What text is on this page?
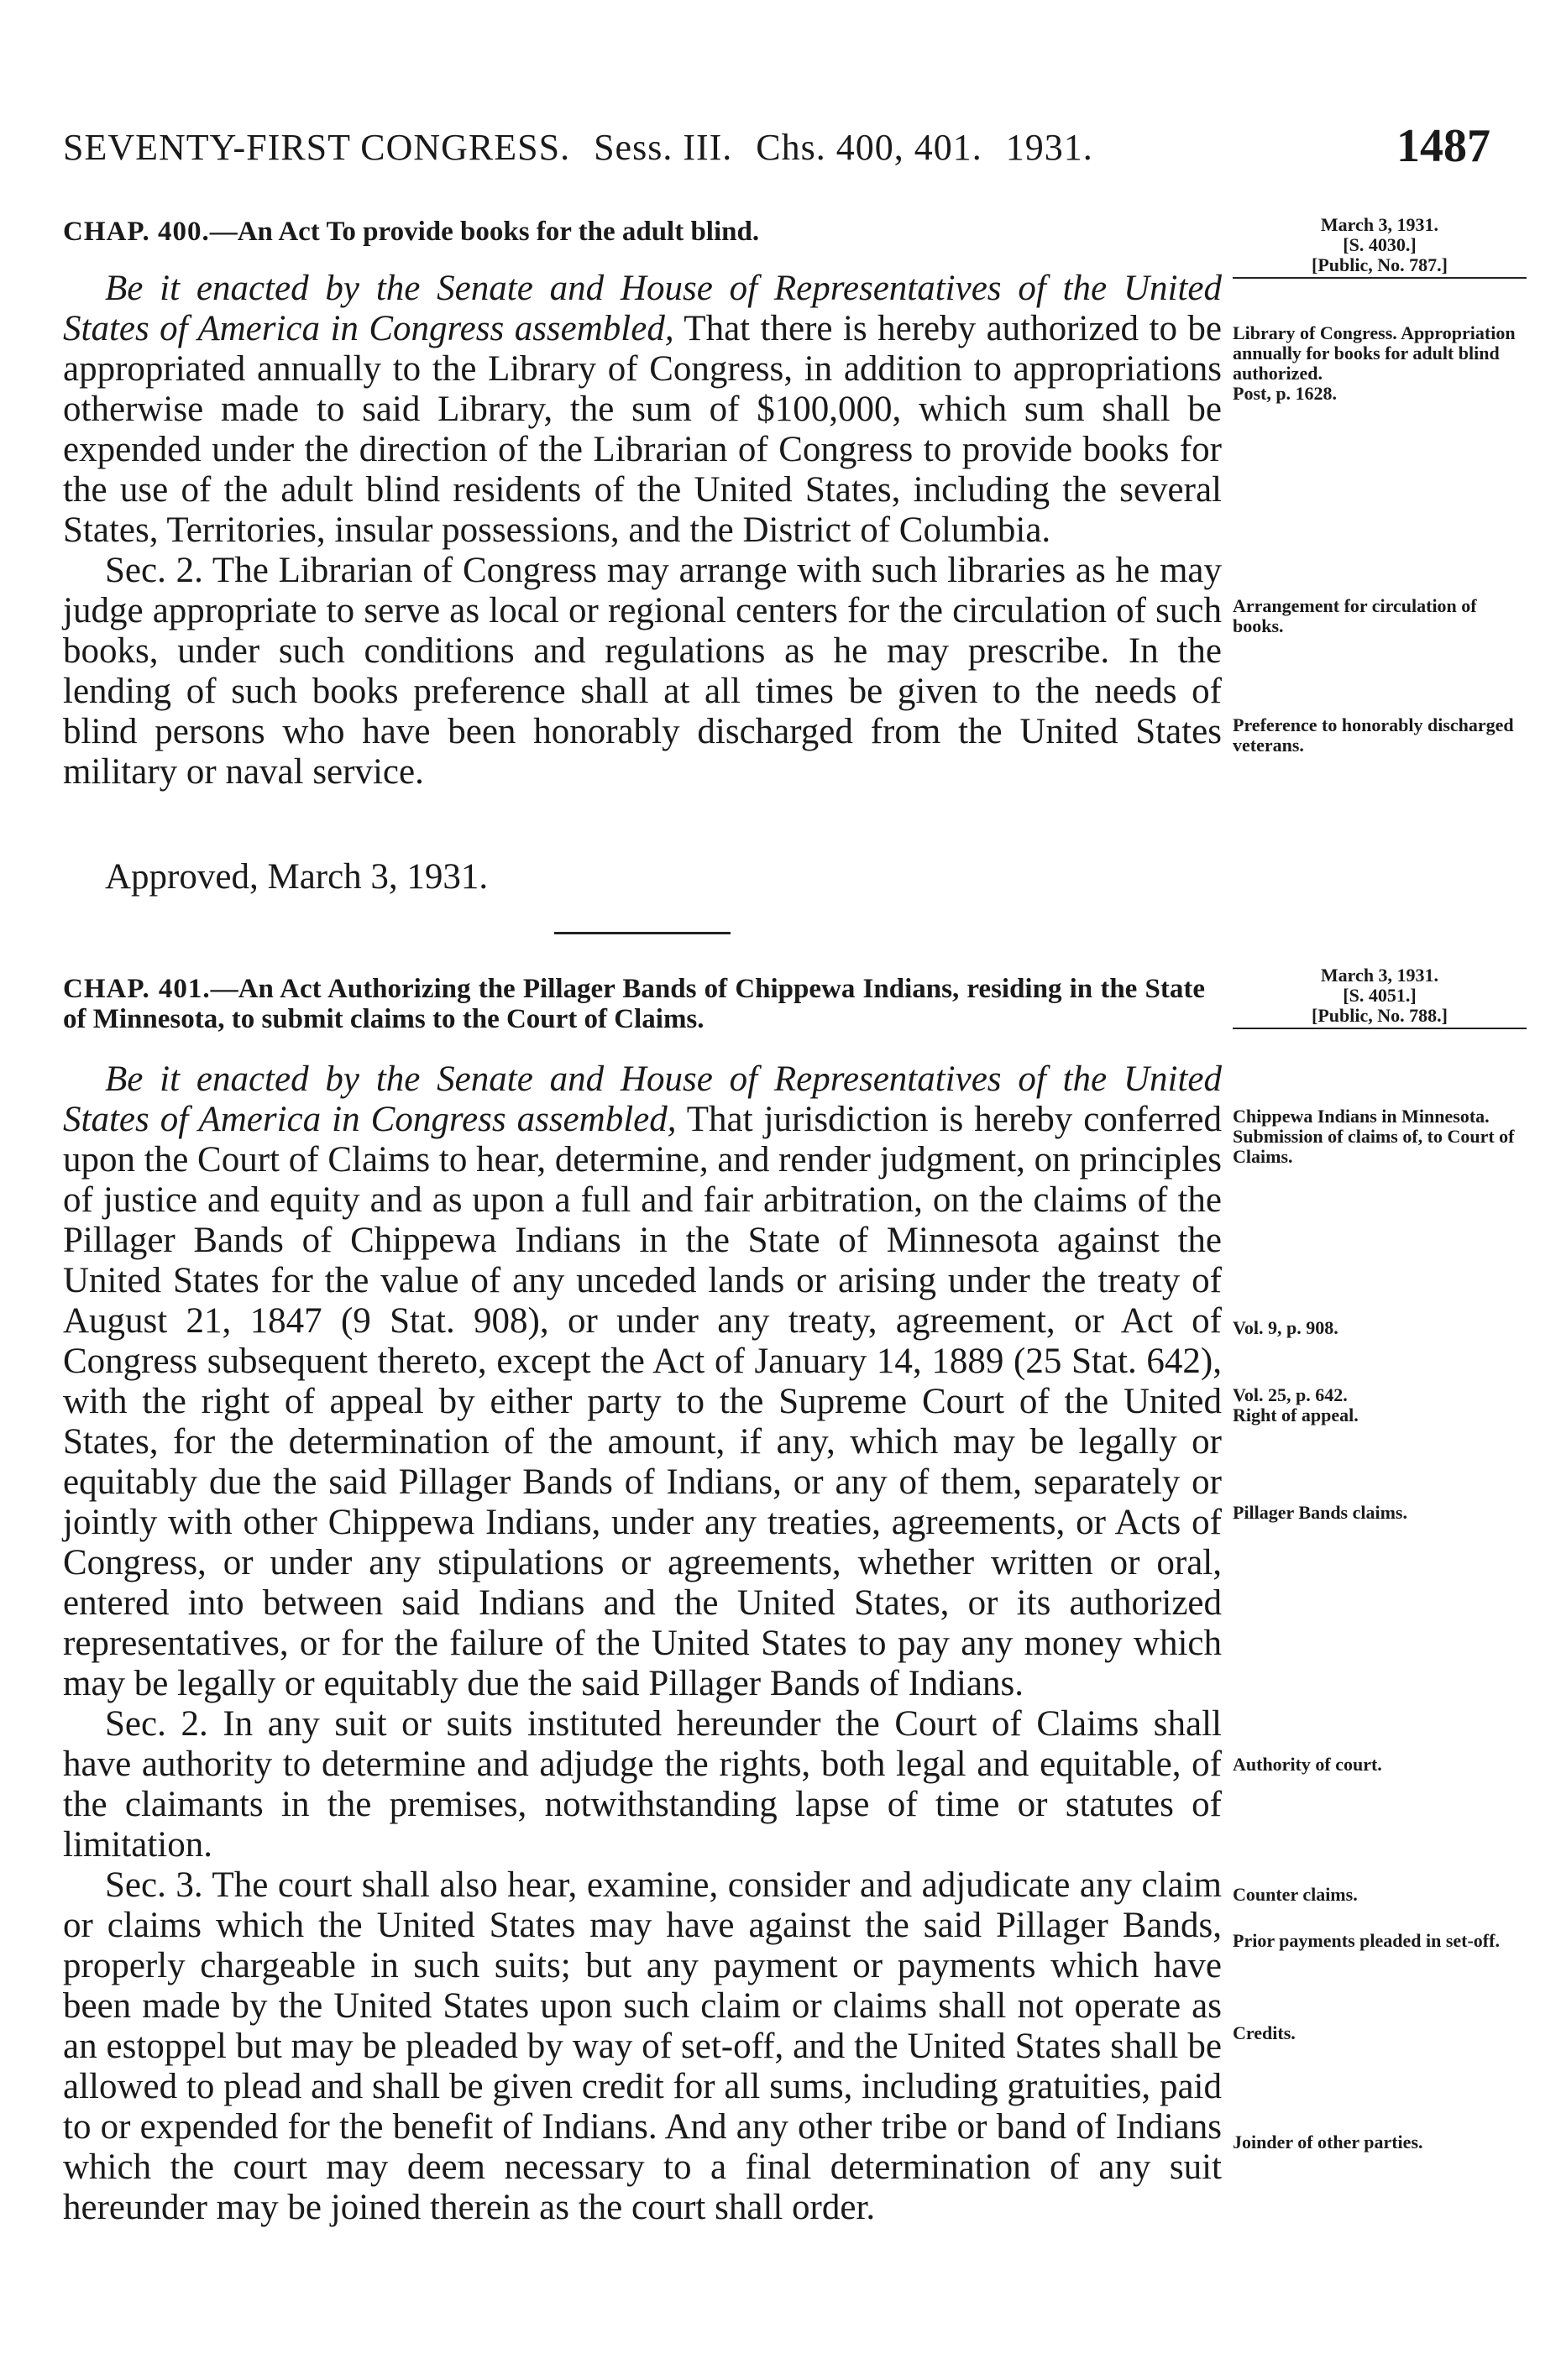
SEVENTY-FIRST CONGRESS. Sess. III. Chs. 400, 401. 1931.	1487
CHAP. 400.—An Act To provide books for the adult blind.	March 3, 1931.
[S. 4030.]
[Public, No. 787.]

Be it enacted by the Senate and House of Representatives of the United States of America in Congress assembled, That there is hereby authorized to be appropriated annually to the Library of Congress, in addition to appropriations otherwise made to said Library, the sum of $100,000, which sum shall be expended under the direction of the Librarian of Congress to provide books for the use of the adult blind residents of the United States, including the several States, Territories, insular possessions, and the District of Columbia.

Sec. 2. The Librarian of Congress may arrange with such libraries as he may judge appropriate to serve as local or regional centers for the circulation of such books, under such conditions and regulations as he may prescribe. In the lending of such books preference shall at all times be given to the needs of blind persons who have been honorably discharged from the United States military or naval service.

Library of Congress. Appropriation annually for books for adult blind authorized.
Post, p. 1628.
Arrangement for circulation of books.
Preference to honorably discharged veterans.
Approved, March 3, 1931.
CHAP. 401.—An Act Authorizing the Pillager Bands of Chippewa Indians, residing in the State of Minnesota, to submit claims to the Court of Claims.
March 3, 1931.
[S. 4051.]
[Public, No. 788.]

Be it enacted by the Senate and House of Representatives of the United States of America in Congress assembled, That jurisdiction is hereby conferred upon the Court of Claims to hear, determine, and render judgment, on principles of justice and equity and as upon a full and fair arbitration, on the claims of the Pillager Bands of Chippewa Indians in the State of Minnesota against the United States for the value of any unceded lands or arising under the treaty of August 21, 1847 (9 Stat. 908), or under any treaty, agreement, or Act of Congress subsequent thereto, except the Act of January 14, 1889 (25 Stat. 642), with the right of appeal by either party to the Supreme Court of the United States, for the determination of the amount, if any, which may be legally or equitably due the said Pillager Bands of Indians, or any of them, separately or jointly with other Chippewa Indians, under any treaties, agreements, or Acts of Congress, or under any stipulations or agreements, whether written or oral, entered into between said Indians and the United States, or its authorized representatives, or for the failure of the United States to pay any money which may be legally or equitably due the said Pillager Bands of Indians.

Sec. 2. In any suit or suits instituted hereunder the Court of Claims shall have authority to determine and adjudge the rights, both legal and equitable, of the claimants in the premises, notwithstanding lapse of time or statutes of limitation.

Sec. 3. The court shall also hear, examine, consider and adjudicate any claim or claims which the United States may have against the said Pillager Bands, properly chargeable in such suits; but any payment or payments which have been made by the United States upon such claim or claims shall not operate as an estoppel but may be pleaded by way of set-off, and the United States shall be allowed to plead and shall be given credit for all sums, including gratuities, paid to or expended for the benefit of Indians. And any other tribe or band of Indians which the court may deem necessary to a final determination of any suit hereunder may be joined therein as the court shall order.

Chippewa Indians in Minnesota.
Submission of claims of, to Court of Claims.
Vol. 9, p. 908.
Vol. 25, p. 642.
Right of appeal.
Pillager Bands claims.
Authority of court.
Counter claims.
Prior payments pleaded in set-off.
Credits.
Joinder of other parties.
